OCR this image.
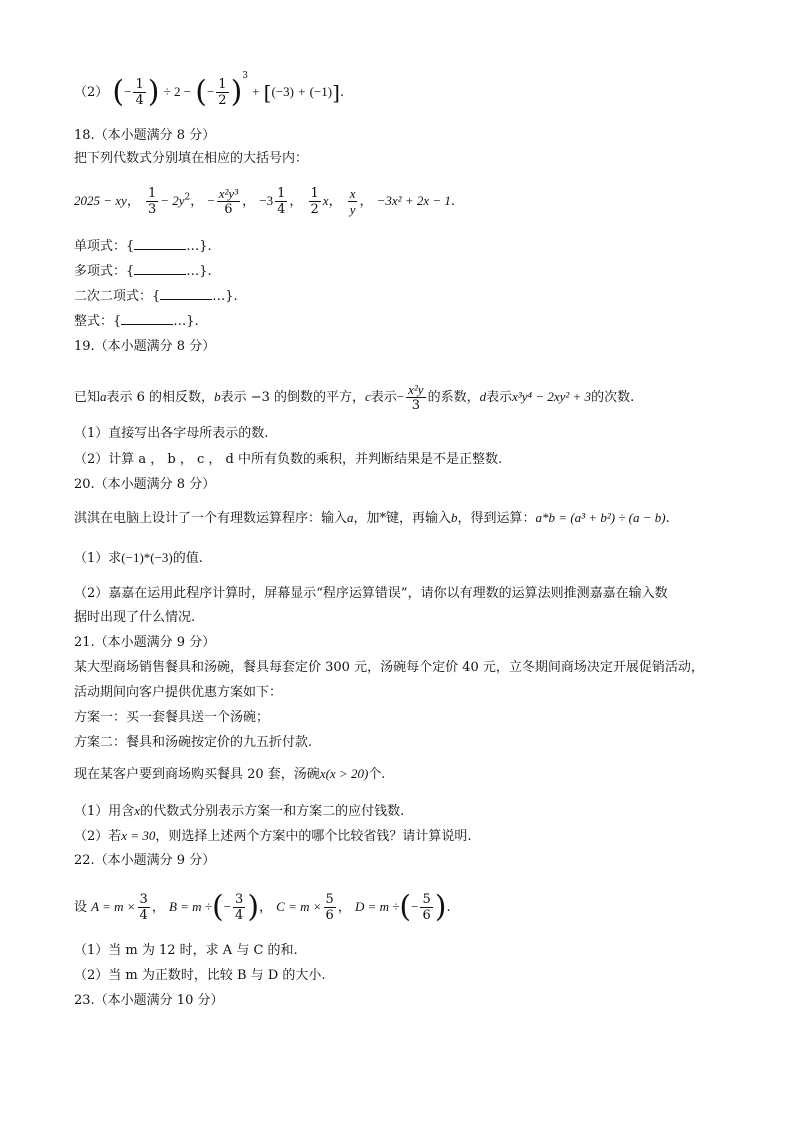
（2） (− $\frac{1}{4}$ ) ÷ 2 − (− $\frac{1}{2} )^3 + [(-3) + (-1)]$.
18.（本小题满分 8 分）
把下列代数式分别填在相应的大括号内：
2025 − xy， $\frac{1}{3} - 2y^2$， − $\frac{\text{x²y³}}{6}$ ， $-3 \frac{1}{4}$ ， $\frac{1}{2}$ x， $\frac{x}{y}$ ， −3x² + 2x − 1.
单项式：{	…}.
多项式：{	…}.
二次二项式：{	…}.
整式：{	…}.
19.（本小题满分 8 分）
已知a表示 6 的相反数，b表示 −3 的倒数的平方，c表示− $\frac{\text{x²y}}{3}$ 的系数，d表示x³y⁴ − 2xy² + 3的次数.
（1）直接写出各字母所表示的数.
（2）计算 a ， b ， c ， d 中所有负数的乘积，并判断结果是不是正整数.
20.（本小题满分 8 分）
淇淇在电脑上设计了一个有理数运算程序：输入a，加*键，再输入b，得到运算：a*b = (a³ + b²) ÷ (a − b).
（1）求(−1)*(−3)的值.
（2）嘉嘉在运用此程序计算时，屏幕显示“程序运算错误”，请你以有理数的运算法则推测嘉嘉在输入数
据时出现了什么情况.
21.（本小题满分 9 分）
某大型商场销售餐具和汤碗，餐具每套定价 300 元，汤碗每个定价 40 元，立冬期间商场决定开展促销活动，
活动期间向客户提供优惠方案如下：
方案一：买一套餐具送一个汤碗；
方案二：餐具和汤碗按定价的九五折付款.
现在某客户要到商场购买餐具 20 套，汤碗x(x > 20)个.
（1）用含x的代数式分别表示方案一和方案二的应付钱数.
（2）若x = 30，则选择上述两个方案中的哪个比较省钱？请计算说明.
22.（本小题满分 9 分）
设 $A = m \times \frac{3}{4}$ ， B = m ÷(− $\frac{3}{4}$ )， $C = m \times \frac{5}{6}$ ， D = m ÷(− $\frac{5}{6}$ ).
（1）当 m 为 12 时，求 A 与 C 的和.
（2）当 m 为正数时，比较 B 与 D 的大小.
23.（本小题满分 10 分）
